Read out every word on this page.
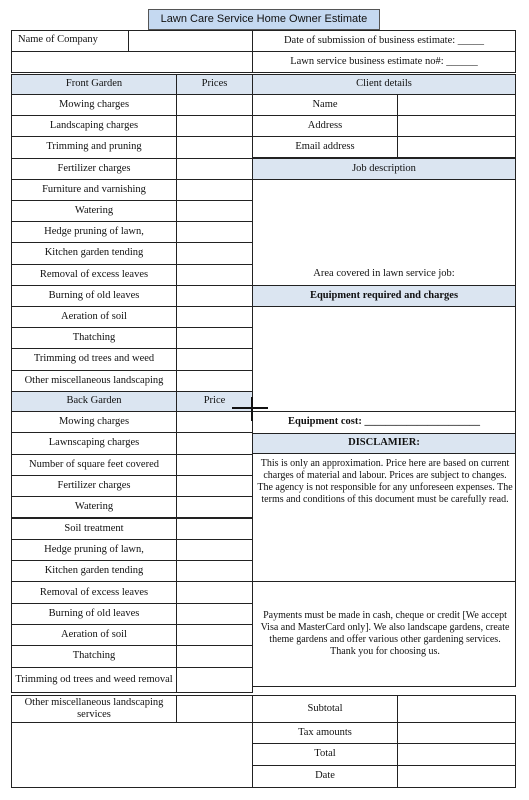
Lawn Care Service Home Owner Estimate
Name of Company	Date of submission of business estimate: _____
Lawn service business estimate no#: ______
Front Garden	Prices
Mowing charges
Landscaping charges
Trimming and pruning
Fertilizer charges
Furniture and varnishing
Watering
Hedge pruning of lawn,
Kitchen garden tending
Removal of excess leaves
Burning of old leaves
Aeration of soil
Thatching
Trimming od trees and weed
Other miscellaneous landscaping
Back Garden	Price
Mowing charges
Lawnscaping charges
Number of square feet covered
Fertilizer charges
Watering
Soil treatment
Hedge pruning of lawn,
Kitchen garden tending
Removal of excess leaves
Burning of old leaves
Aeration of soil
Thatching
Trimming od trees and weed removal
Client details
Name
Address
Email address
Job description
Area covered in lawn service job:
Equipment required and charges
Equipment cost: ______________________
DISCLAMIER:
This is only an approximation. Price here are based on current charges of material and labour. Prices are subject to changes. The agency is not responsible for any unforeseen expenses. The terms and conditions of this document must be carefully read.
Payments must be made in cash, cheque or credit [We accept Visa and MasterCard only]. We also landscape gardens, create theme gardens and offer various other gardening services. Thank you for choosing us.
Other miscellaneous landscaping services
Subtotal
Tax amounts
Total
Date
